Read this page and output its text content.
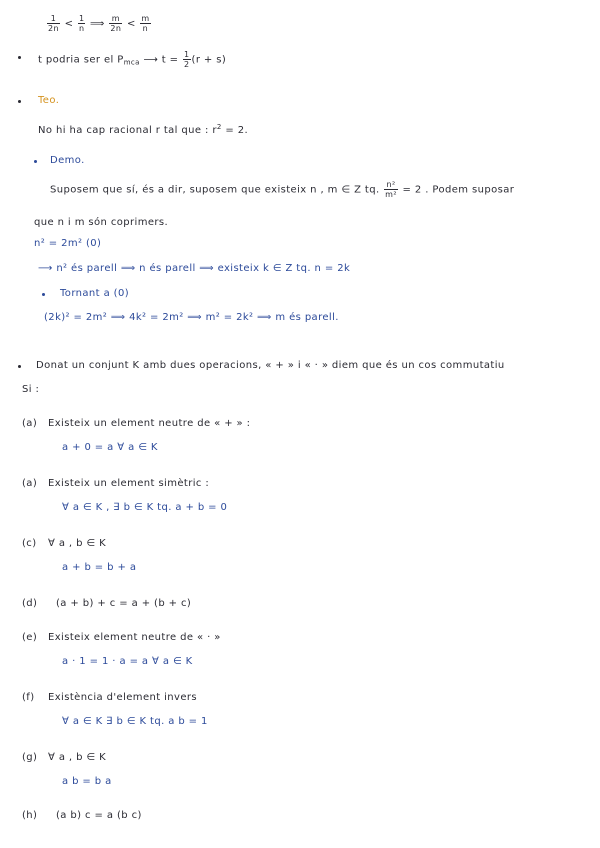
$\frac{1}{2n} < \frac{1}{n}$ ⟹ $\frac{m}{2n} < \frac{m}{n}$
t podria ser el $P_{mca}$ ⟶ $t = \frac{1}{2} (r + s)$
Teo.
No hi ha cap racional r tal que : $r^2 = 2$.
Demo.
Suposem que sí, és a dir, suposem que existeix n , m ∈ Z tq. $\frac{\text{n²}}{\text{m²}} = 2$ . Podem suposar
que n i m són coprimers.
n² = 2m² (0)
⟶ n² és parell ⟹ n és parell ⟹ existeix k ∈ Z tq. n = 2k
Tornant a (0)
(2k)² = 2m² ⟹ 4k² = 2m² ⟹ m² = 2k² ⟹ m és parell.
Donat un conjunt K amb dues operacions, « + » i « · » diem que és un cos commutatiu
Si :
(a) Existeix un element neutre de « + » :
a + 0 = a ∀ a ∈ K
(a) Existeix un element simètric :
∀ a ∈ K , ∃ b ∈ K tq. a + b = 0
(c) ∀ a , b ∈ K
a + b = b + a
(d) (a + b) + c = a + (b + c)
(e) Existeix element neutre de « · »
a · 1 = 1 · a = a ∀ a ∈ K
(f) Existència d'element invers
∀ a ∈ K ∃ b ∈ K tq. a b = 1
(g) ∀ a , b ∈ K
a b = b a
(h) (a b) c = a (b c)
